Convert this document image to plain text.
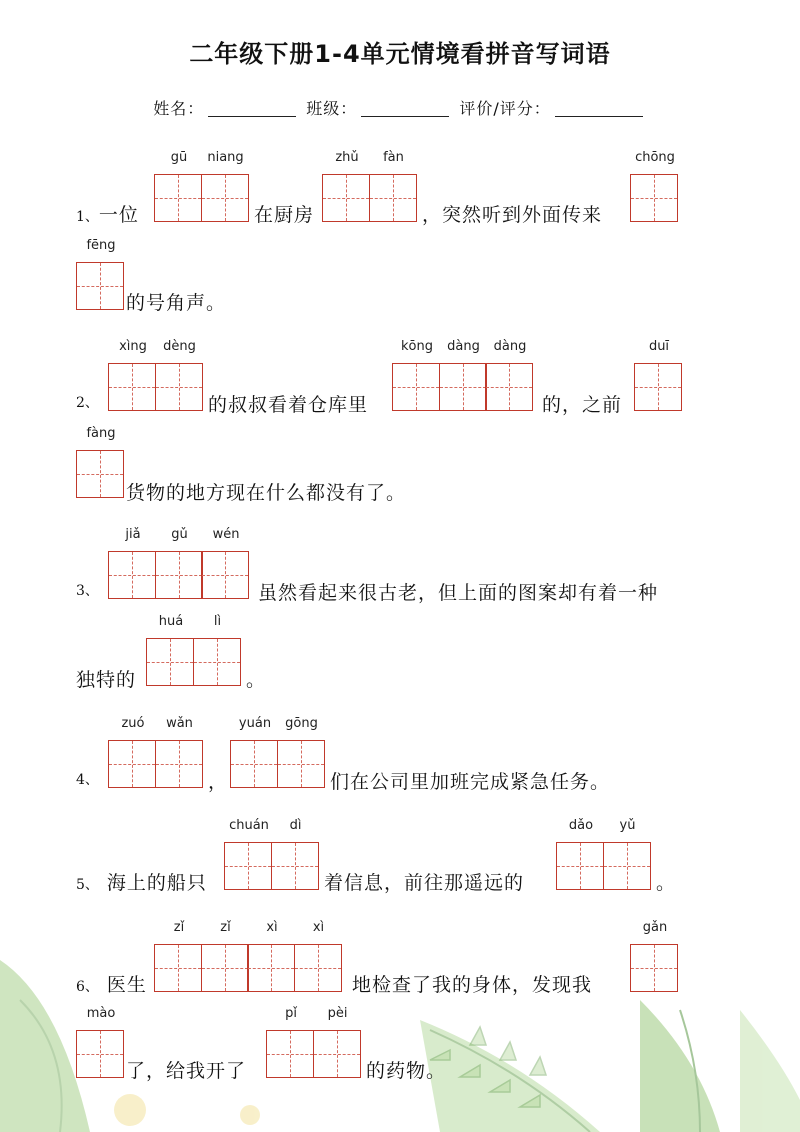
二年级下册1-4单元情境看拼音写词语
姓名：	班级：	评价/评分：
1、一位
gū	niang
在厨房
zhǔ	fàn
，突然听到外面传来
chōng
fēng
的号角声。
2、
xìng	dèng
的叔叔看着仓库里
kōng	dàng	dàng
的，之前
duī
fàng
货物的地方现在什么都没有了。
3、
jiǎ	gǔ	wén
虽然看起来很古老，但上面的图案却有着一种
独特的
huá	lì
。
4、
zuó	wǎn
，
yuán	gōng
们在公司里加班完成紧急任务。
5、 海上的船只
chuán	dì
着信息，前往那遥远的
dǎo	yǔ
。
6、 医生
zǐ	zǐ	xì	xì
地检查了我的身体，发现我
gǎn
mào
了，给我开了
pǐ	pèi
的药物。
